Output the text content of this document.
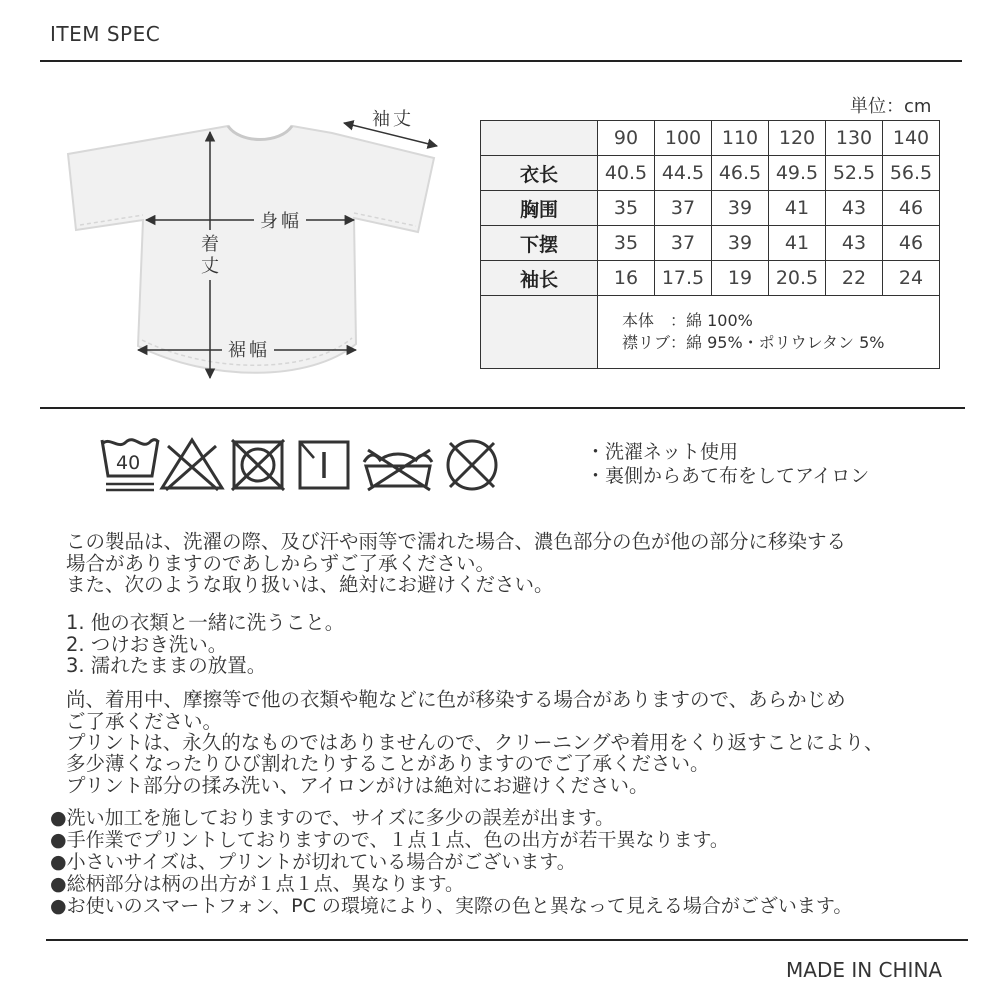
ITEM SPEC
袖丈
身幅
着
丈
裾幅
単位：cm
	90	100	110	120	130	140
衣长	40.5	44.5	46.5	49.5	52.5	56.5
胸围	35	37	39	41	43	46
下摆	35	37	39	41	43	46
袖长	16	17.5	19	20.5	22	24

	本体　：綿 100%
襟リブ：綿 95%・ポリウレタン 5%					
40	・洗濯ネット使用
・裏側からあて布をしてアイロン
この製品は、洗濯の際、及び汗や雨等で濡れた場合、濃色部分の色が他の部分に移染する
場合がありますのであしからずご了承ください。
また、次のような取り扱いは、絶対にお避けください。
1. 他の衣類と一緒に洗うこと。
2. つけおき洗い。
3. 濡れたままの放置。
尚、着用中、摩擦等で他の衣類や鞄などに色が移染する場合がありますので、あらかじめ
ご了承ください。
プリントは、永久的なものではありませんので、クリーニングや着用をくり返すことにより、
多少薄くなったりひび割れたりすることがありますのでご了承ください。
プリント部分の揉み洗い、アイロンがけは絶対にお避けください。
●洗い加工を施しておりますので、サイズに多少の誤差が出ます。
●手作業でプリントしておりますので、１点１点、色の出方が若干異なります。
●小さいサイズは、プリントが切れている場合がございます。
●総柄部分は柄の出方が１点１点、異なります。
●お使いのスマートフォン、PC の環境により、実際の色と異なって見える場合がございます。
MADE IN CHINA
